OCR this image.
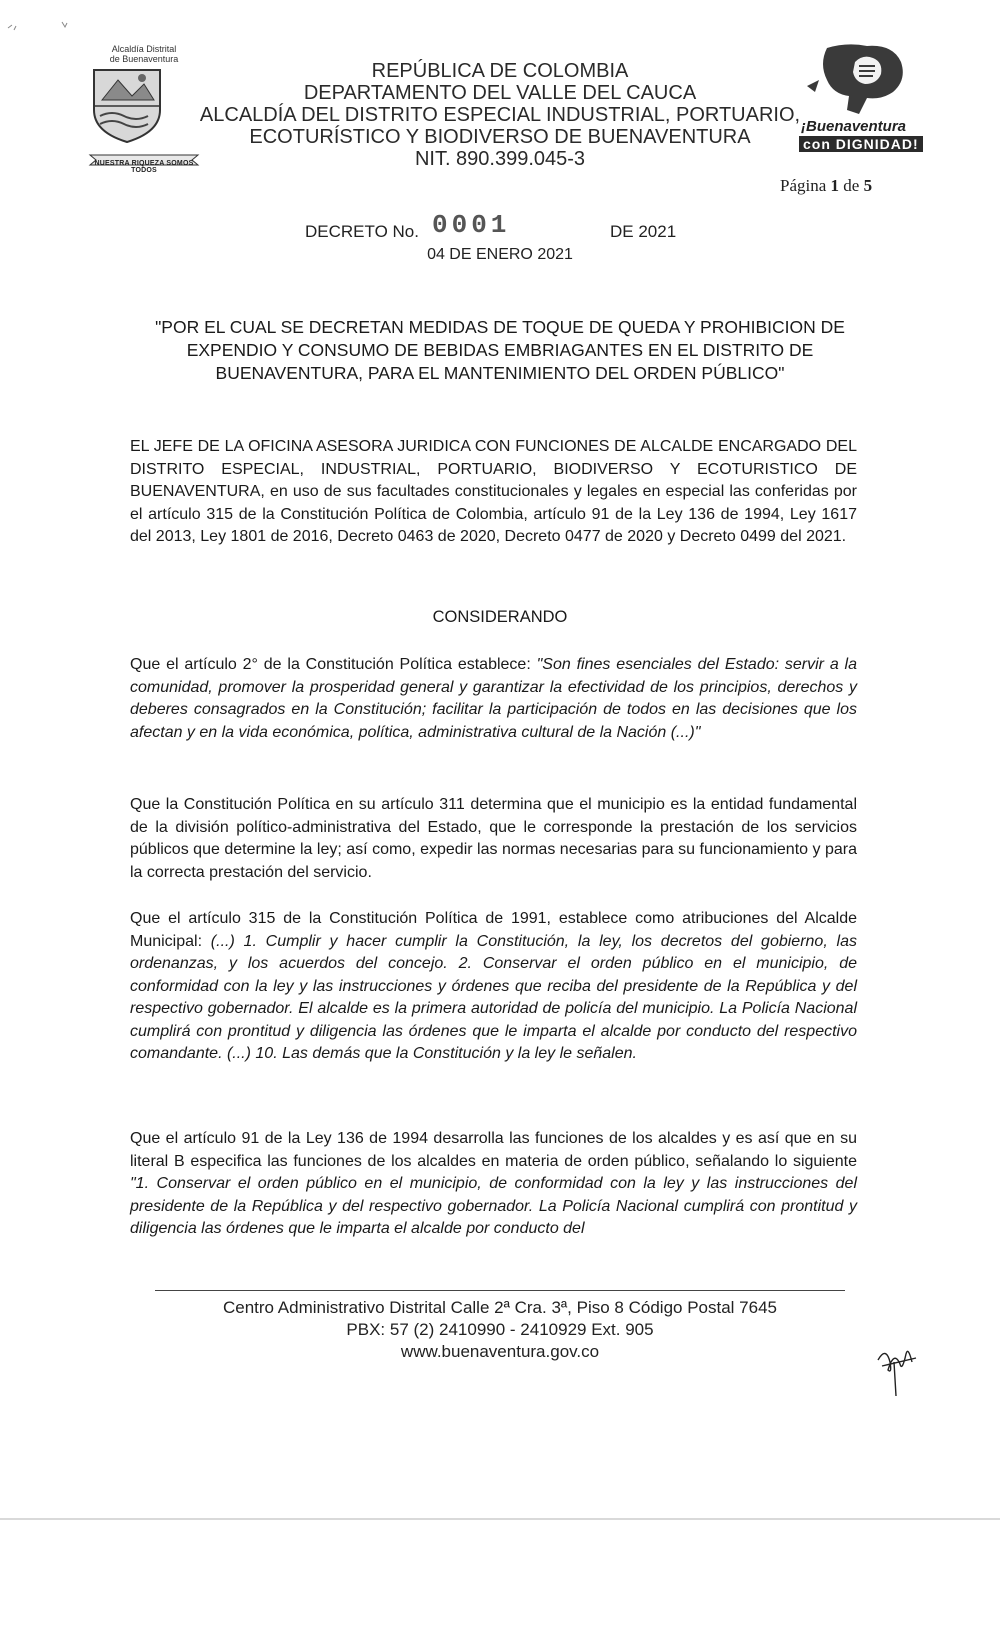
Alcaldía Distrital
de Buenaventura

NUESTRA RIQUEZA SOMOS TODOS
REPÚBLICA DE COLOMBIA
DEPARTAMENTO DEL VALLE DEL CAUCA
ALCALDÍA DEL DISTRITO ESPECIAL INDUSTRIAL, PORTUARIO,
ECOTURÍSTICO Y BIODIVERSO DE BUENAVENTURA
NIT. 890.399.045-3
¡Buenaventura
con DIGNIDAD!
Página 1 de 5
DECRETO No. 0001	DE 2021
04 DE ENERO 2021
"POR EL CUAL SE DECRETAN MEDIDAS DE TOQUE DE QUEDA Y PROHIBICION DE
EXPENDIO Y CONSUMO DE BEBIDAS EMBRIAGANTES EN EL DISTRITO DE
BUENAVENTURA, PARA EL MANTENIMIENTO DEL ORDEN PÚBLICO"
EL JEFE DE LA OFICINA ASESORA JURIDICA CON FUNCIONES DE ALCALDE ENCARGADO DEL DISTRITO ESPECIAL, INDUSTRIAL, PORTUARIO, BIODIVERSO Y ECOTURISTICO DE BUENAVENTURA, en uso de sus facultades constitucionales y legales en especial las conferidas por el artículo 315 de la Constitución Política de Colombia, artículo 91 de la Ley 136 de 1994, Ley 1617 del 2013, Ley 1801 de 2016, Decreto 0463 de 2020, Decreto 0477 de 2020 y Decreto 0499 del 2021.
CONSIDERANDO
Que el artículo 2° de la Constitución Política establece: "Son fines esenciales del Estado: servir a la comunidad, promover la prosperidad general y garantizar la efectividad de los principios, derechos y deberes consagrados en la Constitución; facilitar la participación de todos en las decisiones que los afectan y en la vida económica, política, administrativa cultural de la Nación (...)"
Que la Constitución Política en su artículo 311 determina que el municipio es la entidad fundamental de la división político-administrativa del Estado, que le corresponde la prestación de los servicios públicos que determine la ley; así como, expedir las normas necesarias para su funcionamiento y para la correcta prestación del servicio.
Que el artículo 315 de la Constitución Política de 1991, establece como atribuciones del Alcalde Municipal: (...) 1. Cumplir y hacer cumplir la Constitución, la ley, los decretos del gobierno, las ordenanzas, y los acuerdos del concejo. 2. Conservar el orden público en el municipio, de conformidad con la ley y las instrucciones y órdenes que reciba del presidente de la República y del respectivo gobernador. El alcalde es la primera autoridad de policía del municipio. La Policía Nacional cumplirá con prontitud y diligencia las órdenes que le imparta el alcalde por conducto del respectivo comandante. (...) 10. Las demás que la Constitución y la ley le señalen.
Que el artículo 91 de la Ley 136 de 1994 desarrolla las funciones de los alcaldes y es así que en su literal B especifica las funciones de los alcaldes en materia de orden público, señalando lo siguiente "1. Conservar el orden público en el municipio, de conformidad con la ley y las instrucciones del presidente de la República y del respectivo gobernador. La Policía Nacional cumplirá con prontitud y diligencia las órdenes que le imparta el alcalde por conducto del
Centro Administrativo Distrital Calle 2ª Cra. 3ª, Piso 8 Código Postal 7645
PBX: 57 (2) 2410990 - 2410929 Ext. 905
www.buenaventura.gov.co
